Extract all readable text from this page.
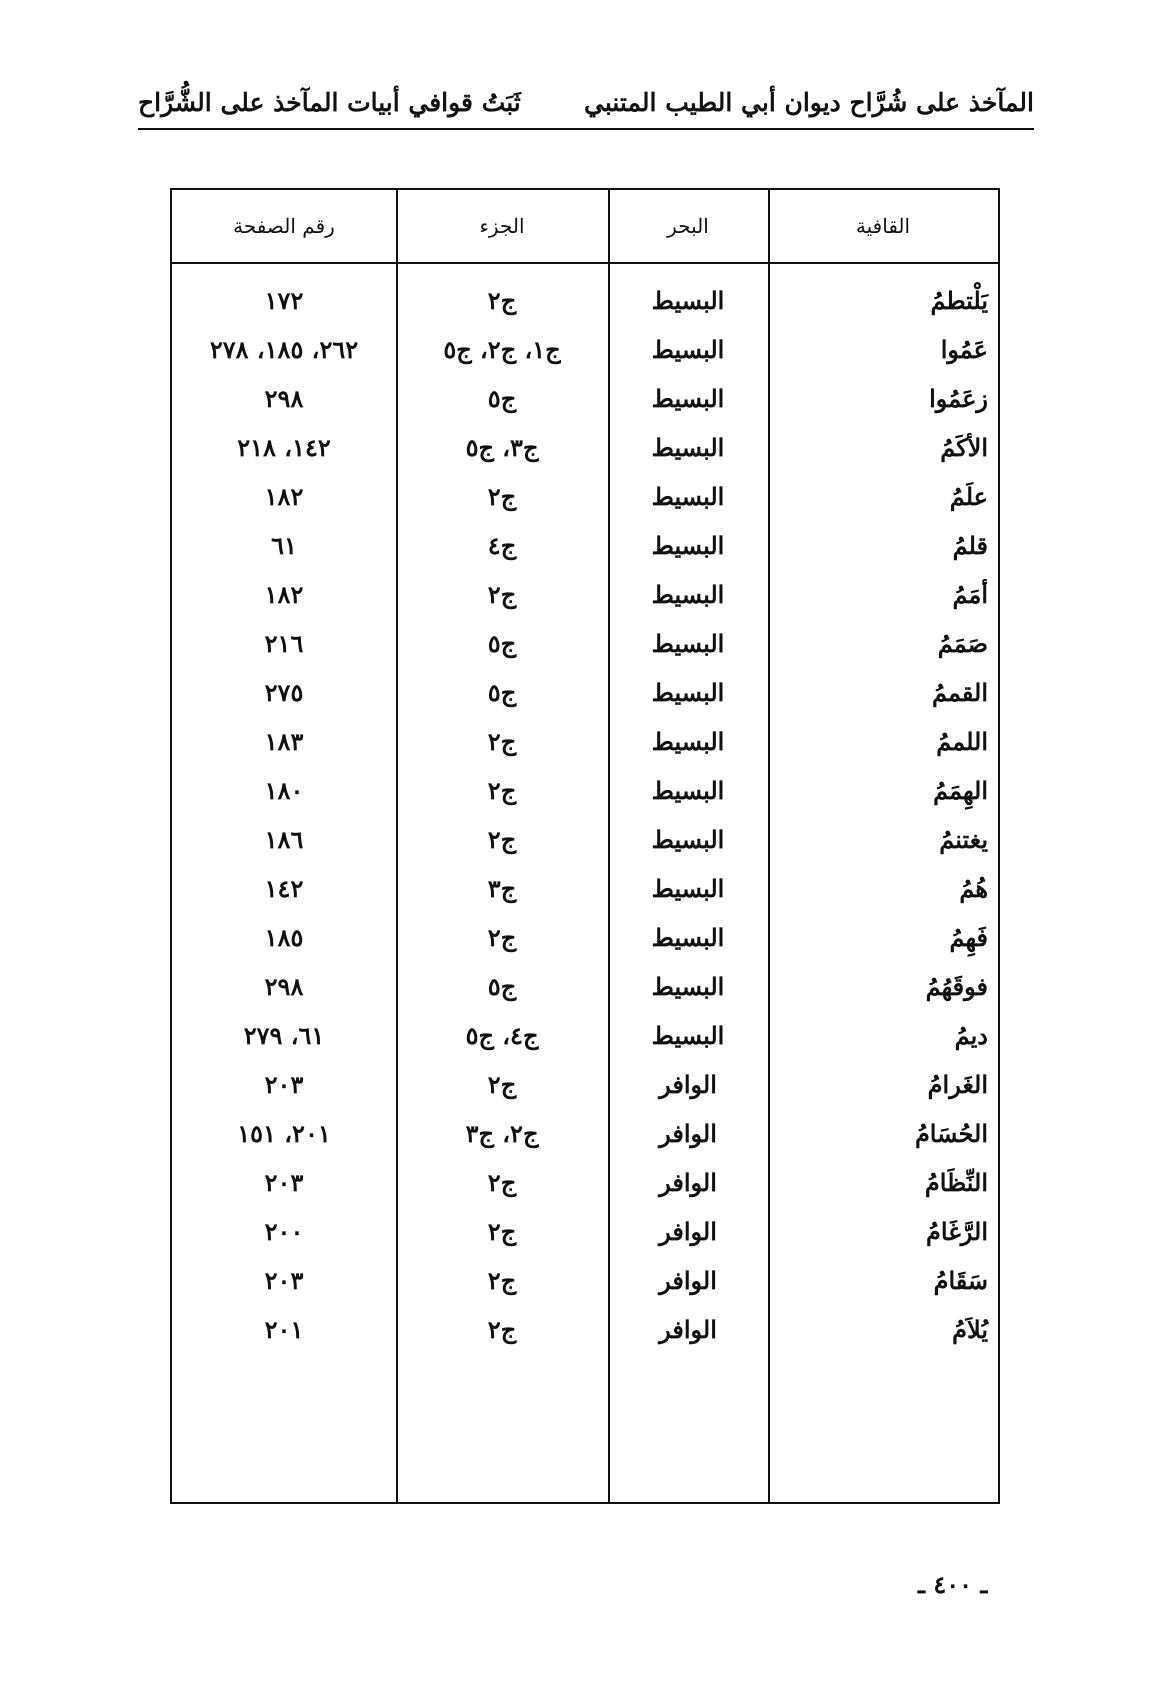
المآخذ على شُرَّاح ديوان أبي الطيب المتنبي
ثَبَتُ قوافي أبيات المآخذ على الشُّرَّاح
القافية
البحر
الجزء
رقم الصفحة
يَلْتطمُ
البسيط
ج٢
١٧٢
عَمُوا
البسيط
ج١، ج٢، ج٥
٢٦٢، ١٨٥، ٢٧٨
زعَمُوا
البسيط
ج٥
٢٩٨
الأكَمُ
البسيط
ج٣، ج٥
١٤٢، ٢١٨
علَمُ
البسيط
ج٢
١٨٢
قلمُ
البسيط
ج٤
٦١
أمَمُ
البسيط
ج٢
١٨٢
صَمَمُ
البسيط
ج٥
٢١٦
القممُ
البسيط
ج٥
٢٧٥
اللممُ
البسيط
ج٢
١٨٣
الهِمَمُ
البسيط
ج٢
١٨٠
يغتنمُ
البسيط
ج٢
١٨٦
هُمُ
البسيط
ج٣
١٤٢
فَهِمُ
البسيط
ج٢
١٨٥
فوقَهُمُ
البسيط
ج٥
٢٩٨
ديمُ
البسيط
ج٤، ج٥
٦١، ٢٧٩
الغَرامُ
الوافر
ج٢
٢٠٣
الحُسَامُ
الوافر
ج٢، ج٣
٢٠١، ١٥١
النِّظَامُ
الوافر
ج٢
٢٠٣
الرَّغَامُ
الوافر
ج٢
٢٠٠
سَقَامُ
الوافر
ج٢
٢٠٣
يُلاَمُ
الوافر
ج٢
٢٠١
ـ ٤٠٠ ـ
